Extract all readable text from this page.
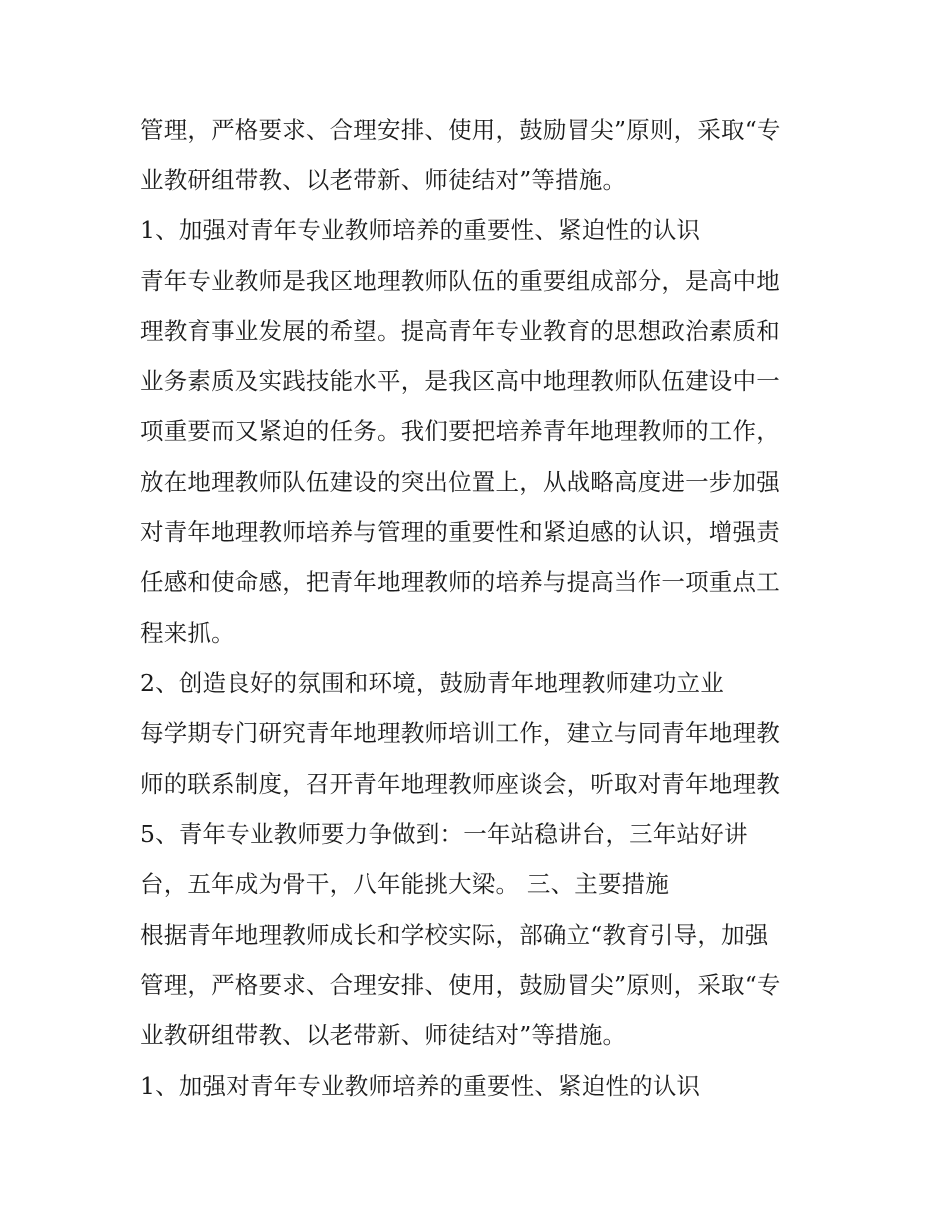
管理，严格要求、合理安排、使用，鼓励冒尖”原则，采取“专
业教研组带教、以老带新、师徒结对”等措施。
1、加强对青年专业教师培养的重要性、紧迫性的认识
青年专业教师是我区地理教师队伍的重要组成部分，是高中地
理教育事业发展的希望。提高青年专业教育的思想政治素质和
业务素质及实践技能水平，是我区高中地理教师队伍建设中一
项重要而又紧迫的任务。我们要把培养青年地理教师的工作，
放在地理教师队伍建设的突出位置上，从战略高度进一步加强
对青年地理教师培养与管理的重要性和紧迫感的认识，增强责
任感和使命感，把青年地理教师的培养与提高当作一项重点工
程来抓。
2、创造良好的氛围和环境，鼓励青年地理教师建功立业
每学期专门研究青年地理教师培训工作，建立与同青年地理教
师的联系制度，召开青年地理教师座谈会，听取对青年地理教
5、青年专业教师要力争做到：一年站稳讲台，三年站好讲
台，五年成为骨干，八年能挑大梁。 三、主要措施
根据青年地理教师成长和学校实际，部确立“教育引导，加强
管理，严格要求、合理安排、使用，鼓励冒尖”原则，采取“专
业教研组带教、以老带新、师徒结对”等措施。
1、加强对青年专业教师培养的重要性、紧迫性的认识
